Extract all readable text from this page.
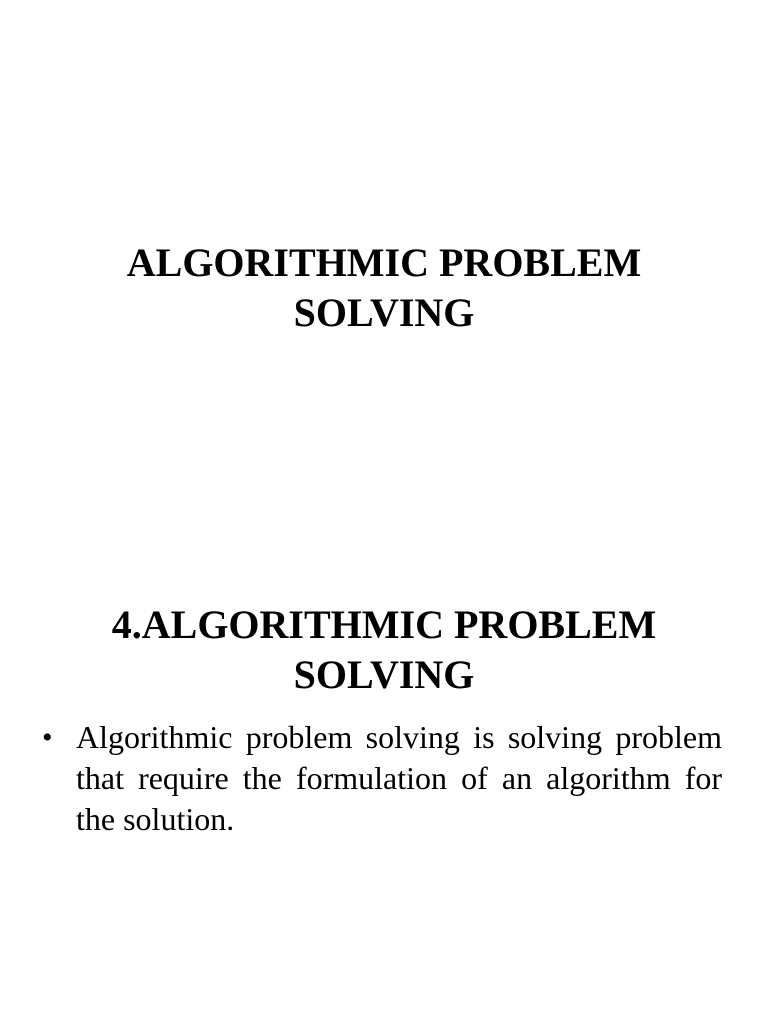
ALGORITHMIC PROBLEM SOLVING
4.ALGORITHMIC PROBLEM SOLVING
• Algorithmic problem solving is solving problem that require the formulation of an algorithm for the solution.
